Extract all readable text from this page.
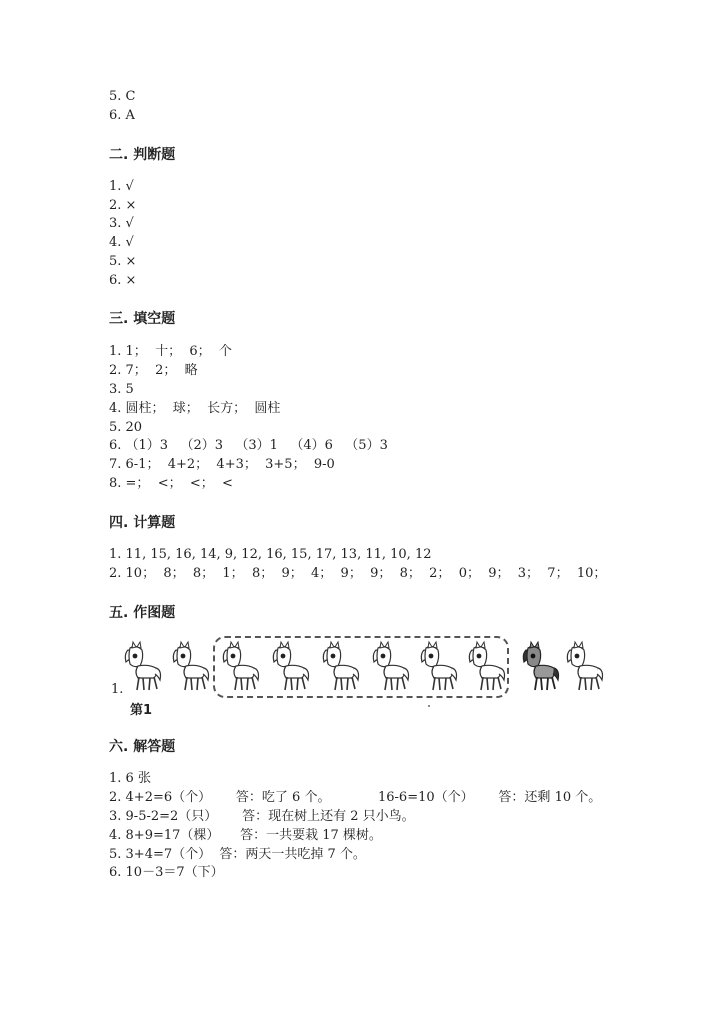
5. C
6. A
二. 判断题
1. √
2. ×
3. √
4. √
5. ×
6. ×
三. 填空题
1. 1；  十；  6；  个
2. 7；  2；  略
3. 5
4. 圆柱；  球；  长方；  圆柱
5. 20
6. （1）3   （2）3   （3）1   （4）6   （5）3
7. 6-1；  4+2；  4+3；  3+5；  9-0
8. =；  <；  <；  <
四. 计算题
1. 11, 15, 16, 14, 9, 12, 16, 15, 17, 13, 11, 10, 12
2. 10；  8；  8；  1；  8；  9；  4；  9；  9；  8；  2；  0；  9；  3；  7；  10；
五. 作图题
1.
第1
六. 解答题
1. 6 张
2. 4+2=6（个）      答：吃了 6 个。	16-6=10（个）      答：还剩 10 个。
3. 9-5-2=2（只）      答：现在树上还有 2 只小鸟。
4. 8+9=17（棵）     答：一共要栽 17 棵树。
5. 3+4=7（个）  答：两天一共吃掉 7 个。
6. 10－3＝7（下）
